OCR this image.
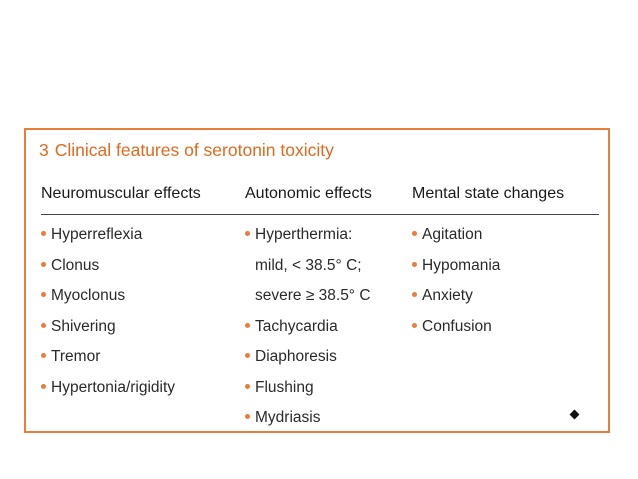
3 Clinical features of serotonin toxicity
Neuromuscular effects	Autonomic effects	Mental state changes
Hyperreflexia
Clonus
Myoclonus
Shivering
Tremor
Hypertonia/rigidity
Hyperthermia:
mild, < 38.5° C;
severe ≥ 38.5° C
Tachycardia
Diaphoresis
Flushing
Mydriasis
Agitation
Hypomania
Anxiety
Confusion
